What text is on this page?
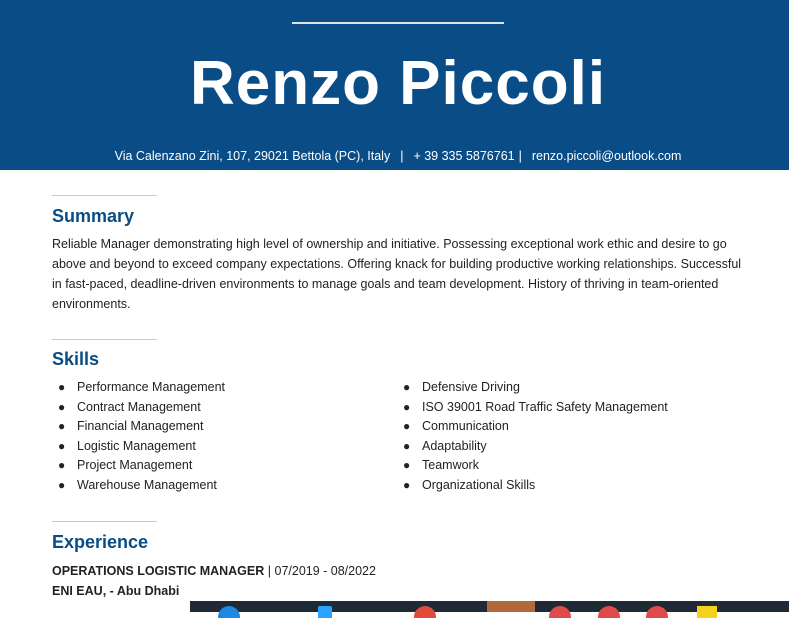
Renzo Piccoli
Via Calenzano Zini, 107, 29021 Bettola (PC), Italy | + 39 335 5876761 | renzo.piccoli@outlook.com
Summary
Reliable Manager demonstrating high level of ownership and initiative. Possessing exceptional work ethic and desire to go above and beyond to exceed company expectations. Offering knack for building productive working relationships. Successful in fast-paced, deadline-driven environments to manage goals and team development. History of thriving in team-oriented environments.
Skills
● Performance Management
● Contract Management
● Financial Management
● Logistic Management
● Project Management
● Warehouse Management
● Defensive Driving
● ISO 39001 Road Traffic Safety Management
● Communication
● Adaptability
● Teamwork
● Organizational Skills
Experience
OPERATIONS LOGISTIC MANAGER | 07/2019 - 08/2022
ENI EAU, - Abu Dhabi
